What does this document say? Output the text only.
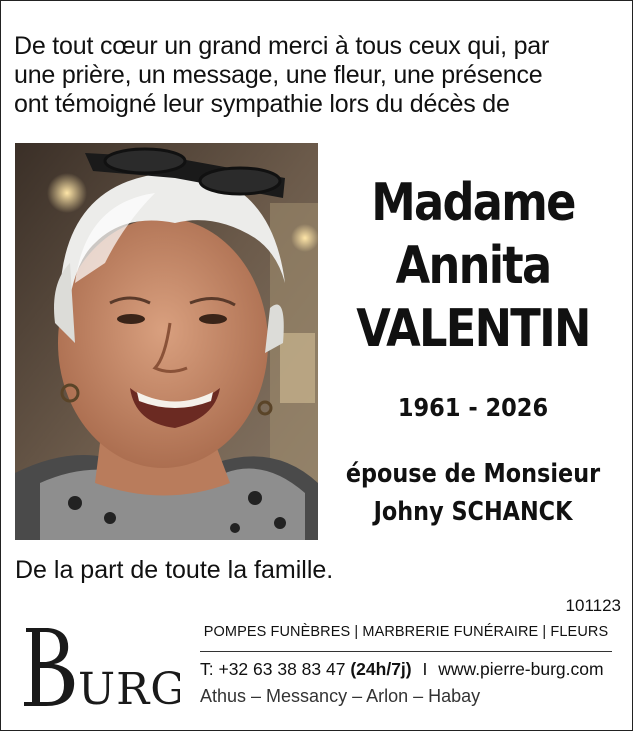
De tout cœur un grand merci à tous ceux qui, par
une prière, un message, une fleur, une présence
ont témoigné leur sympathie lors du décès de
Madame
Annita
VALENTIN
1961 - 2026
épouse de Monsieur
Johny SCHANCK
De la part de toute la famille.
101123
URG
POMPES FUNÈBRES | MARBRERIE FUNÉRAIRE | FLEURS
T: +32 63 38 83 47 (24h/7j) I www.pierre-burg.com
Athus – Messancy – Arlon – Habay
